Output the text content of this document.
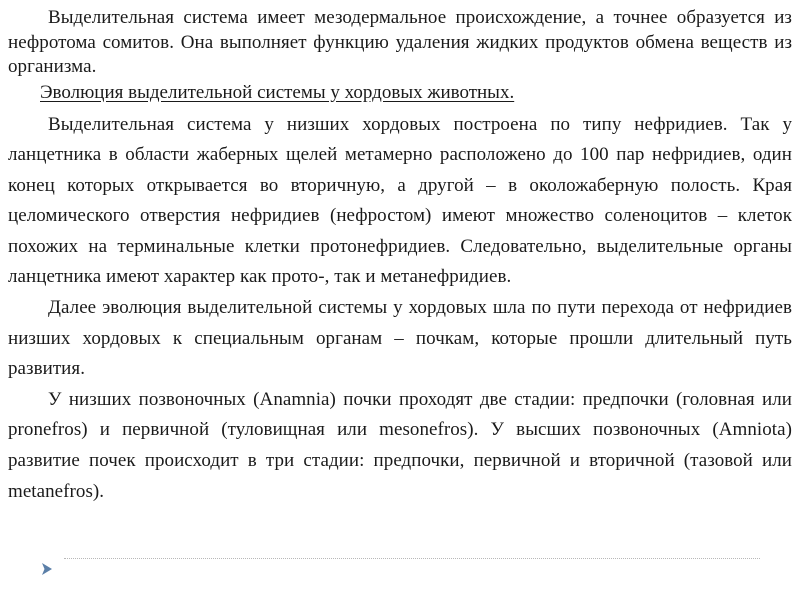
Выделительная система имеет мезодермальное происхождение, а точнее образуется из нефротома сомитов. Она выполняет функцию удаления жидких продуктов обмена веществ из организма.

Эволюция выделительной системы у хордовых животных.

Выделительная система у низших хордовых построена по типу нефридиев. Так у ланцетника в области жаберных щелей метамерно расположено до 100 пар нефридиев, один конец которых открывается во вторичную, а другой – в околожаберную полость. Края целомического отверстия нефридиев (нефростом) имеют множество соленоцитов – клеток похожих на терминальные клетки протонефридиев. Следовательно, выделительные органы ланцетника имеют характер как прото-, так и метанефридиев.

Далее эволюция выделительной системы у хордовых шла по пути перехода от нефридиев низших хордовых к специальным органам – почкам, которые прошли длительный путь развития.

У низших позвоночных (Anamnia) почки проходят две стадии: предпочки (головная или pronefros) и первичной (туловищная или mesonefros). У высших позвоночных (Amniota) развитие почек происходит в три стадии: предпочки, первичной и вторичной (тазовой или metanefros).
